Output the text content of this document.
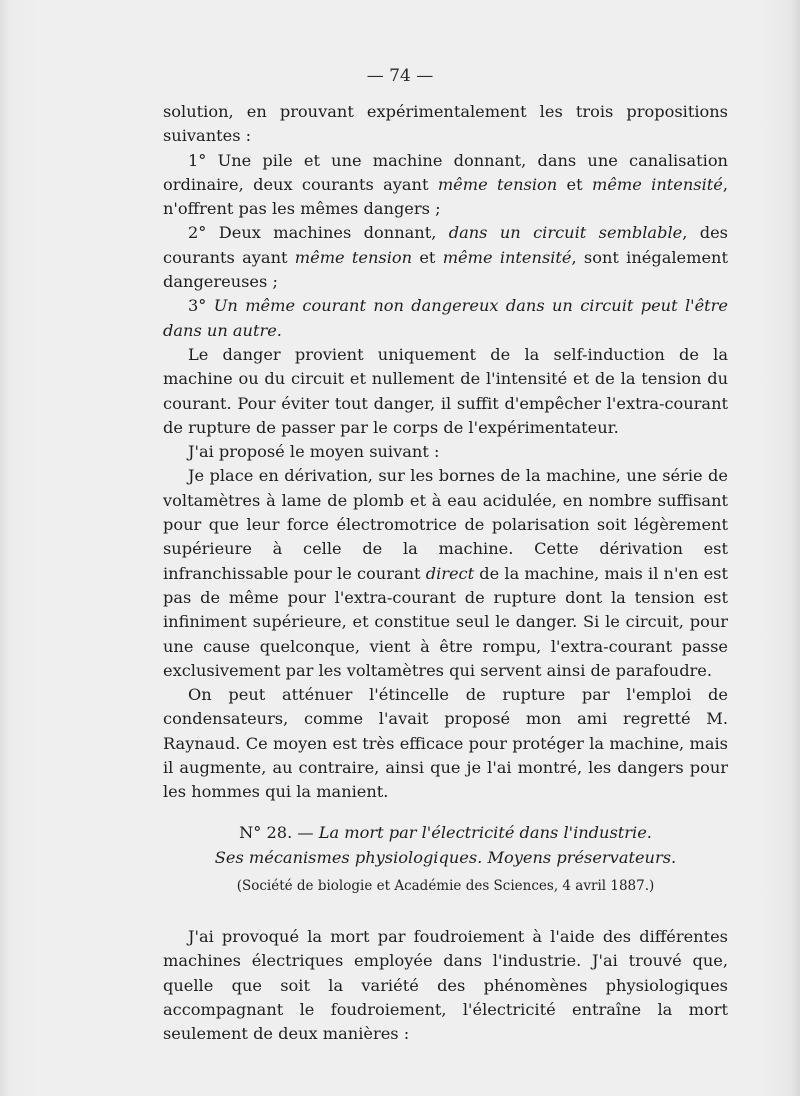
— 74 —

solution, en prouvant expérimentalement les trois propositions suivantes :

1° Une pile et une machine donnant, dans une canalisation ordinaire, deux courants ayant même tension et même intensité, n'offrent pas les mêmes dangers ;

2° Deux machines donnant, dans un circuit semblable, des courants ayant même tension et même intensité, sont inégalement dangereuses ;

3° Un même courant non dangereux dans un circuit peut l'être dans un autre.

Le danger provient uniquement de la self-induction de la machine ou du circuit et nullement de l'intensité et de la tension du courant. Pour éviter tout danger, il suffit d'empêcher l'extra-courant de rupture de passer par le corps de l'expérimentateur.

J'ai proposé le moyen suivant :

Je place en dérivation, sur les bornes de la machine, une série de voltamètres à lame de plomb et à eau acidulée, en nombre suffisant pour que leur force électromotrice de polarisation soit légèrement supérieure à celle de la machine. Cette dérivation est infranchissable pour le courant direct de la machine, mais il n'en est pas de même pour l'extra-courant de rupture dont la tension est infiniment supérieure, et constitue seul le danger. Si le circuit, pour une cause quelconque, vient à être rompu, l'extra-courant passe exclusivement par les voltamètres qui servent ainsi de parafoudre.

On peut atténuer l'étincelle de rupture par l'emploi de condensateurs, comme l'avait proposé mon ami regretté M. Raynaud. Ce moyen est très efficace pour protéger la machine, mais il augmente, au contraire, ainsi que je l'ai montré, les dangers pour les hommes qui la manient.

N° 28. — La mort par l'électricité dans l'industrie.
Ses mécanismes physiologiques. Moyens préservateurs.
(Société de biologie et Académie des Sciences, 4 avril 1887.)

J'ai provoqué la mort par foudroiement à l'aide des différentes machines électriques employée dans l'industrie. J'ai trouvé que, quelle que soit la variété des phénomènes physiologiques accompagnant le foudroiement, l'électricité entraîne la mort seulement de deux manières :
